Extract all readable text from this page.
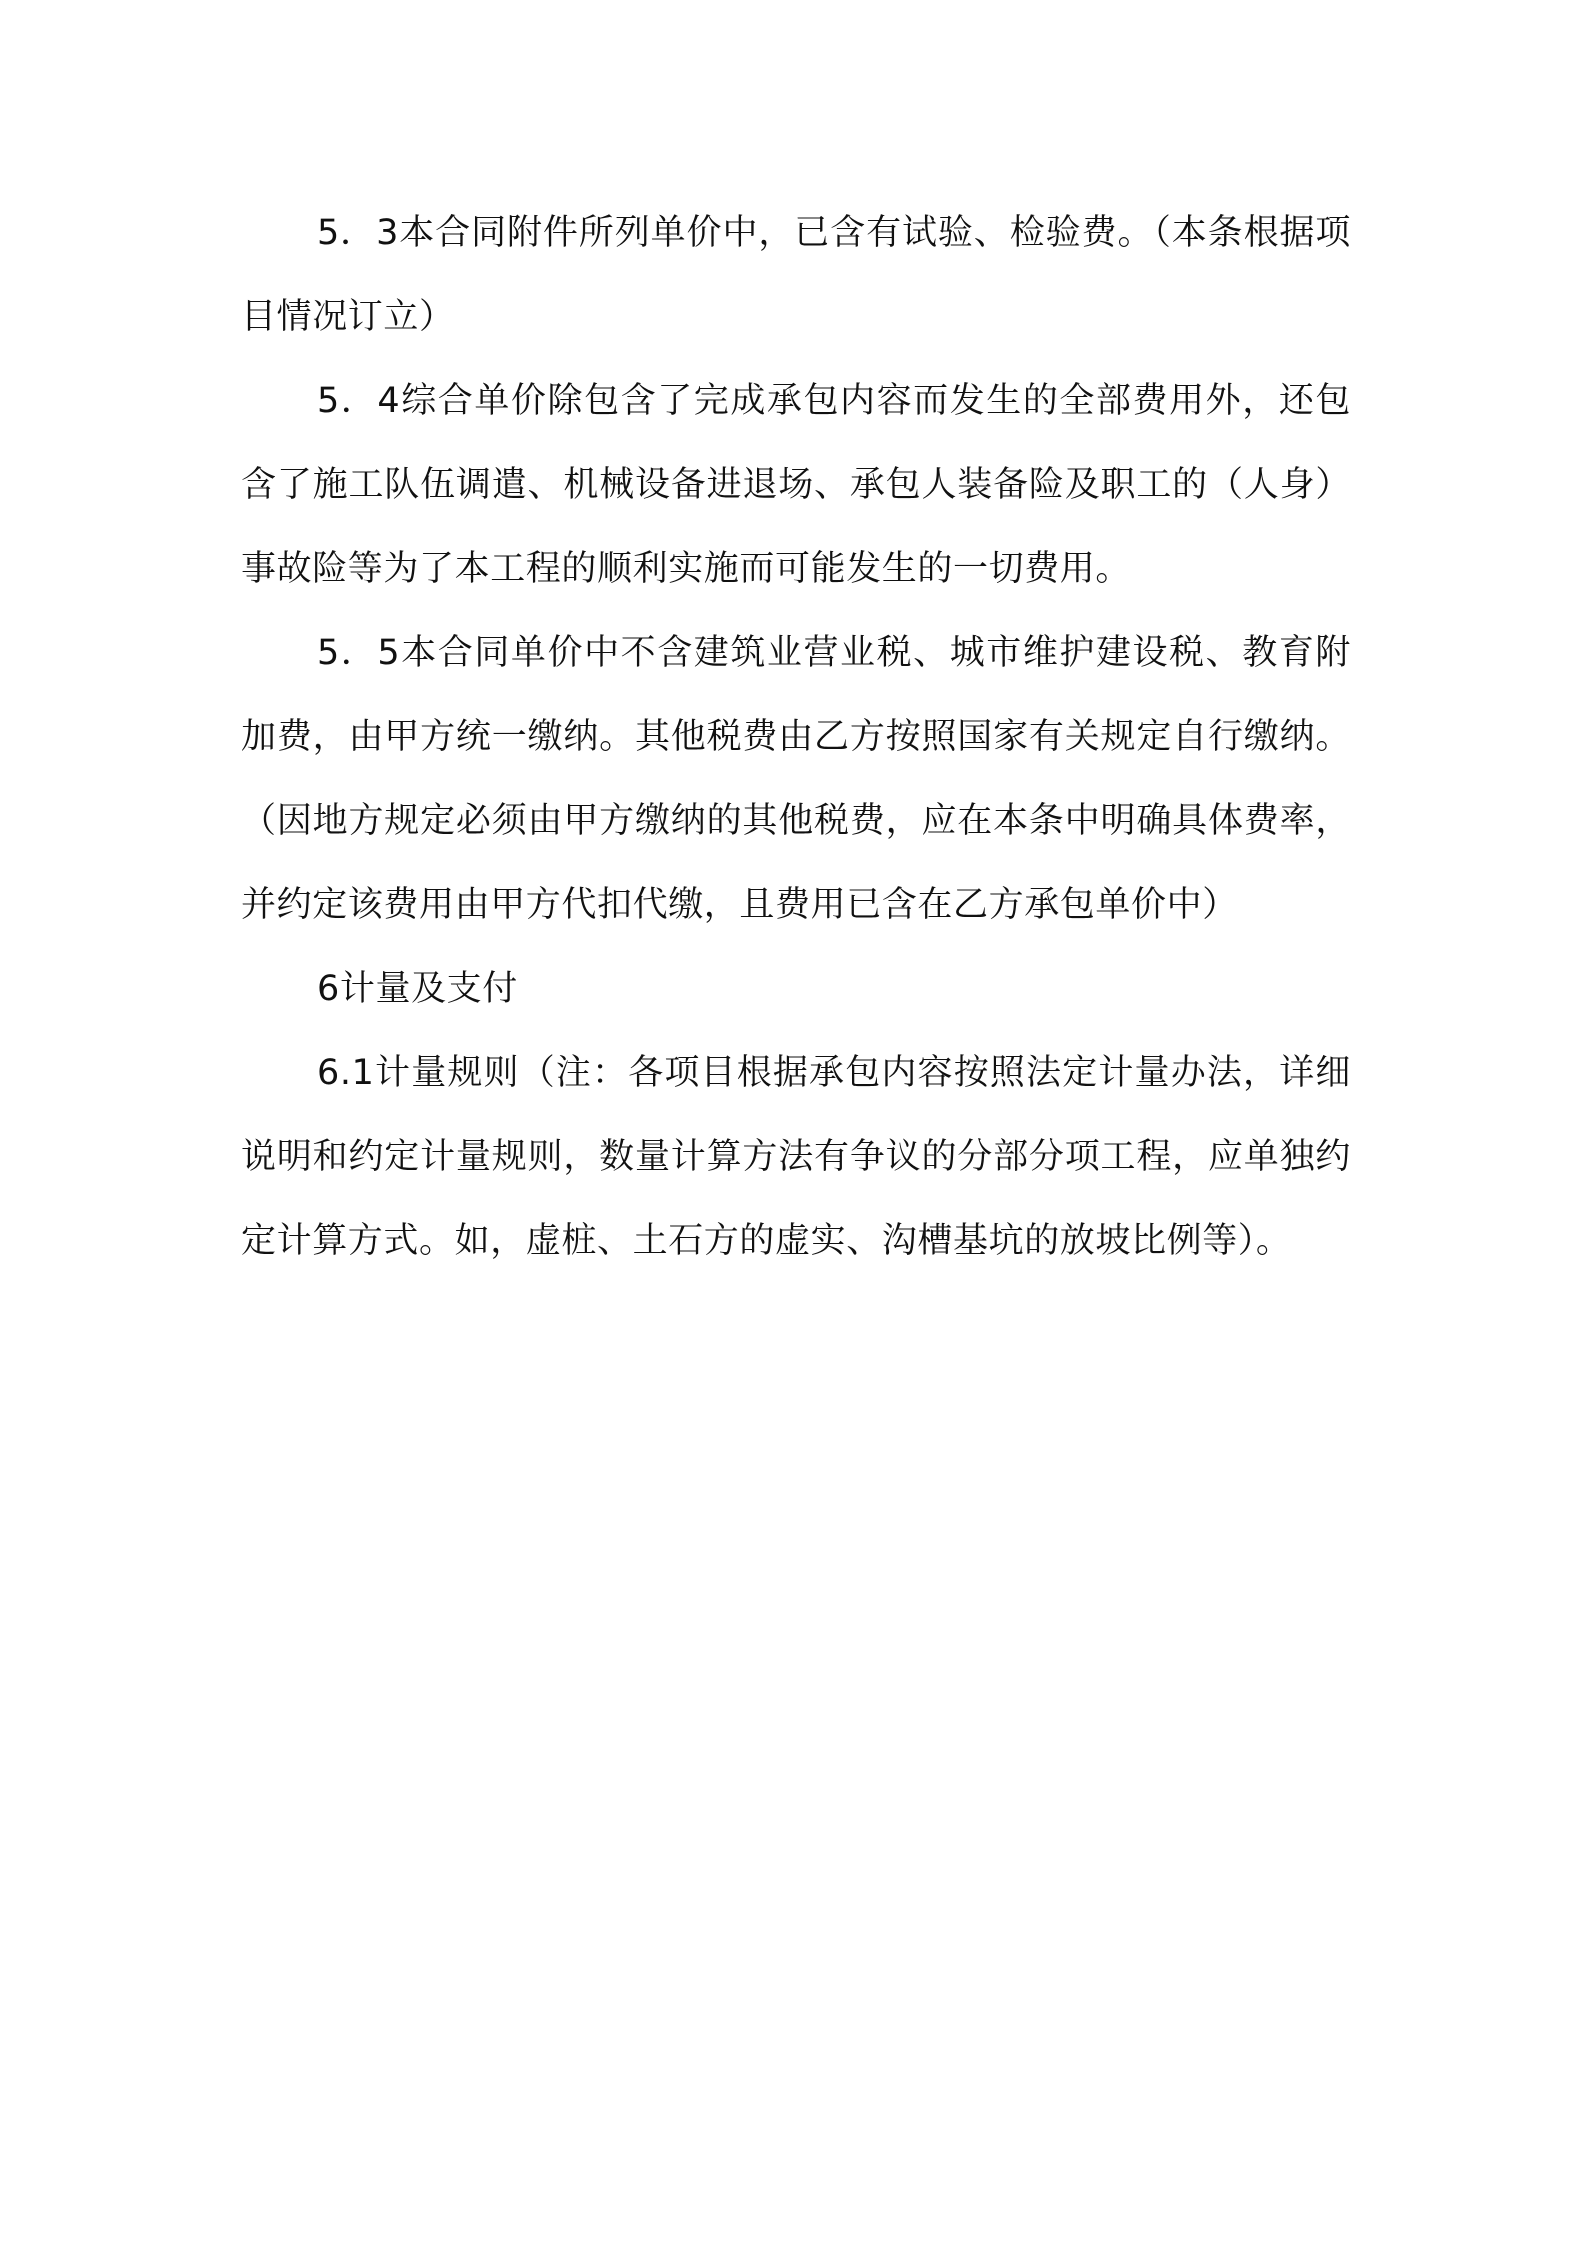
5．3本合同附件所列单价中，已含有试验、检验费。（本条根据项目情况订立）

5．4综合单价除包含了完成承包内容而发生的全部费用外，还包含了施工队伍调遣、机械设备进退场、承包人装备险及职工的（人身）事故险等为了本工程的顺利实施而可能发生的一切费用。

5．5本合同单价中不含建筑业营业税、城市维护建设税、教育附加费，由甲方统一缴纳。其他税费由乙方按照国家有关规定自行缴纳。（因地方规定必须由甲方缴纳的其他税费，应在本条中明确具体费率，并约定该费用由甲方代扣代缴，且费用已含在乙方承包单价中）

6计量及支付

6.1计量规则（注：各项目根据承包内容按照法定计量办法，详细说明和约定计量规则，数量计算方法有争议的分部分项工程，应单独约定计算方式。如，虚桩、土石方的虚实、沟槽基坑的放坡比例等）。
